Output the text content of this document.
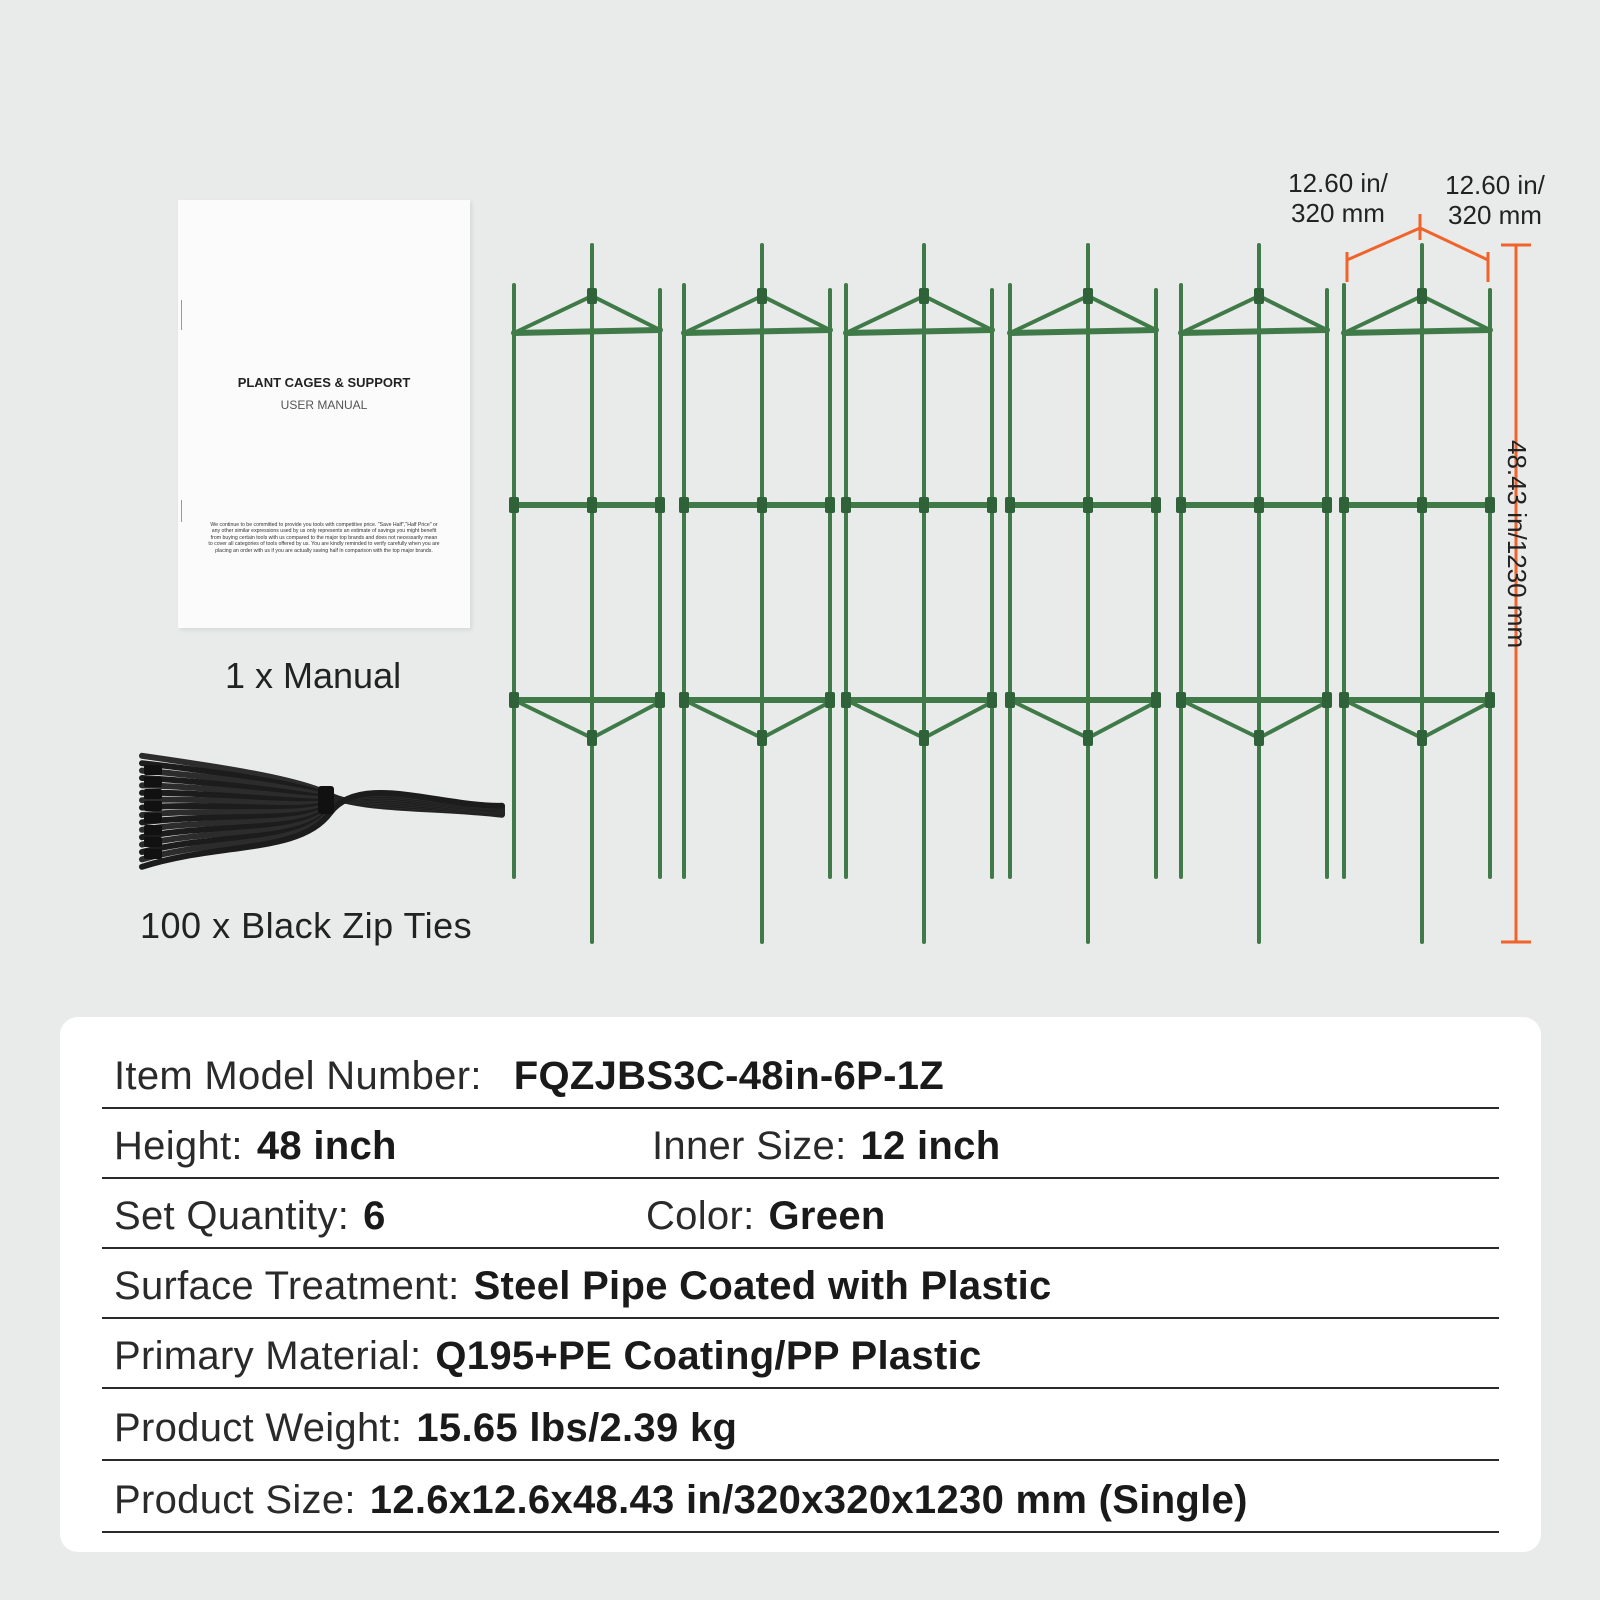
PLANT CAGES & SUPPORT
USER MANUAL
We continue to be committed to provide you tools with competitive price. "Save Half","Half Price" or any other similar expressions used by us only represents an estimate of savings you might benefit from buying certain tools with us compared to the major top brands and does not necessarily mean to cover all categories of tools offered by us. You are kindly reminded to verify carefully when you are placing an order with us if you are actually saving half in comparison with the top major brands.
1 x Manual
100 x Black Zip Ties
12.60 in/
320 mm
12.60 in/
320 mm
48.43 in/1230 mm
Item Model Number: FQZJBS3C-48in-6P-1Z
Height: 48 inch	Inner Size: 12 inch
Set Quantity: 6	Color: Green
Surface Treatment: Steel Pipe Coated with Plastic
Primary Material: Q195+PE Coating/PP Plastic
Product Weight: 15.65 lbs/2.39 kg
Product Size: 12.6x12.6x48.43 in/320x320x1230 mm (Single)
